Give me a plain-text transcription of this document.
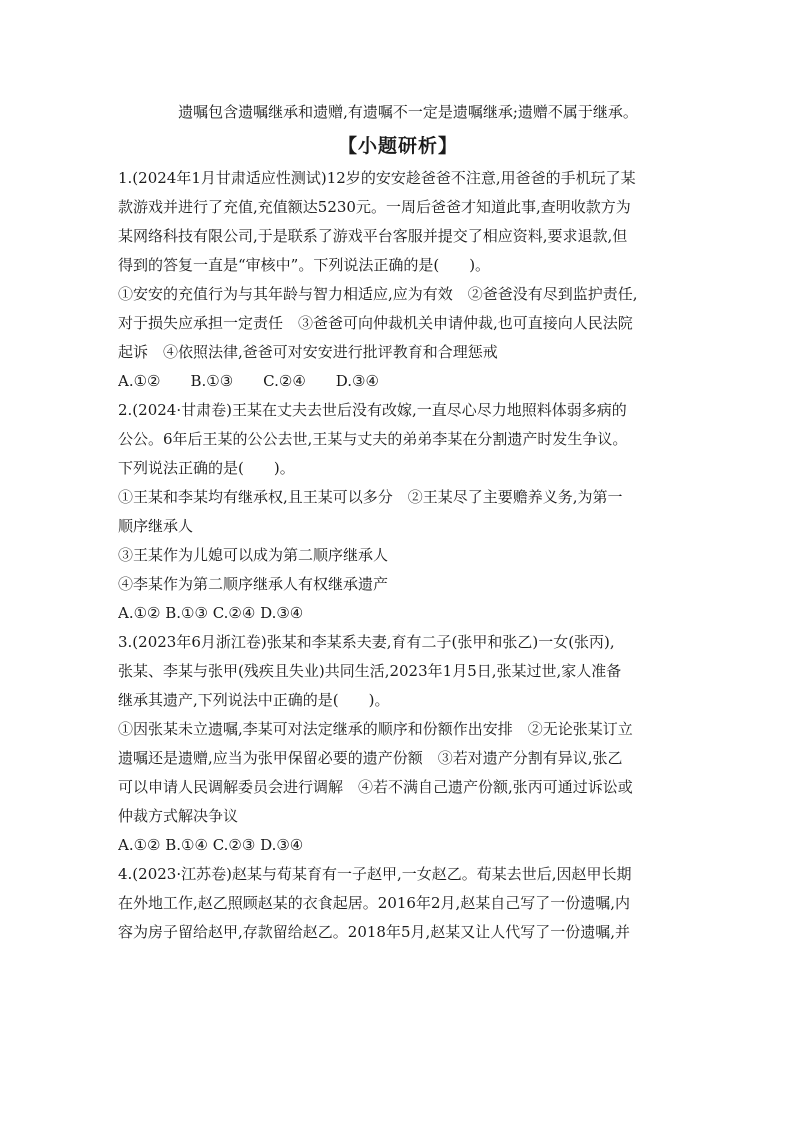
遗嘱包含遗嘱继承和遗赠,有遗嘱不一定是遗嘱继承;遗赠不属于继承。
【小题研析】
1.(2024年1月甘肃适应性测试)12岁的安安趁爸爸不注意,用爸爸的手机玩了某
款游戏并进行了充值,充值额达5230元。一周后爸爸才知道此事,查明收款方为
某网络科技有限公司,于是联系了游戏平台客服并提交了相应资料,要求退款,但
得到的答复一直是“审核中”。下列说法正确的是(　　)。
①安安的充值行为与其年龄与智力相适应,应为有效　②爸爸没有尽到监护责任,
对于损失应承担一定责任　③爸爸可向仲裁机关申请仲裁,也可直接向人民法院
起诉　④依照法律,爸爸可对安安进行批评教育和合理惩戒
A.①②　　B.①③　　C.②④　　D.③④
2.(2024·甘肃卷)王某在丈夫去世后没有改嫁,一直尽心尽力地照料体弱多病的
公公。6年后王某的公公去世,王某与丈夫的弟弟李某在分割遗产时发生争议。
下列说法正确的是(　　)。
①王某和李某均有继承权,且王某可以多分　②王某尽了主要赡养义务,为第一
顺序继承人
③王某作为儿媳可以成为第二顺序继承人
④李某作为第二顺序继承人有权继承遗产
A.①② B.①③ C.②④ D.③④
3.(2023年6月浙江卷)张某和李某系夫妻,育有二子(张甲和张乙)一女(张丙),
张某、李某与张甲(残疾且失业)共同生活,2023年1月5日,张某过世,家人准备
继承其遗产,下列说法中正确的是(　　)。
①因张某未立遗嘱,李某可对法定继承的顺序和份额作出安排　②无论张某订立
遗嘱还是遗赠,应当为张甲保留必要的遗产份额　③若对遗产分割有异议,张乙
可以申请人民调解委员会进行调解　④若不满自己遗产份额,张丙可通过诉讼或
仲裁方式解决争议
A.①② B.①④ C.②③ D.③④
4.(2023·江苏卷)赵某与荀某育有一子赵甲,一女赵乙。荀某去世后,因赵甲长期
在外地工作,赵乙照顾赵某的衣食起居。2016年2月,赵某自己写了一份遗嘱,内
容为房子留给赵甲,存款留给赵乙。2018年5月,赵某又让人代写了一份遗嘱,并
